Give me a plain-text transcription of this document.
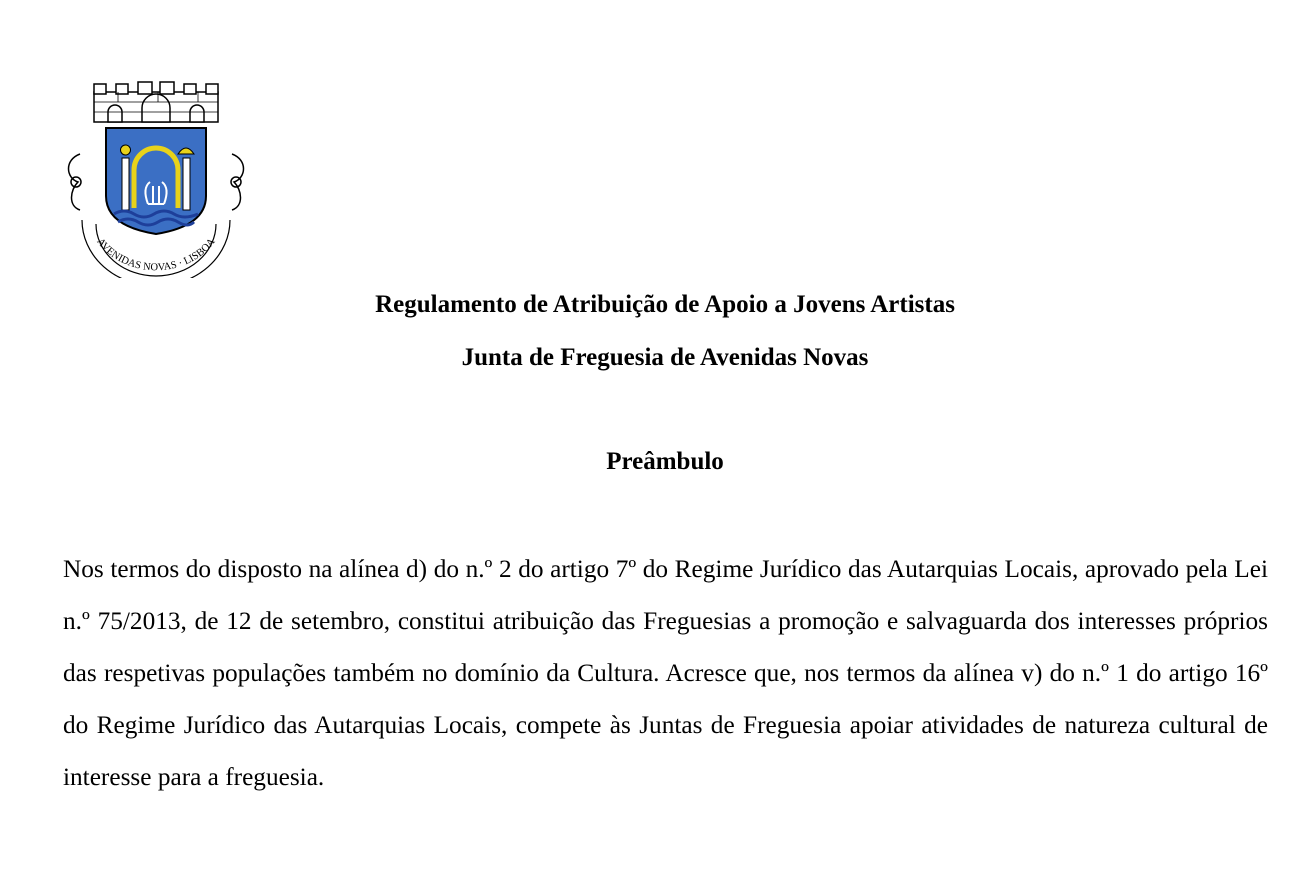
AVENIDAS NOVAS · LISBOA
Regulamento de Atribuição de Apoio a Jovens Artistas
Junta de Freguesia de Avenidas Novas
Preâmbulo

Nos termos do disposto na alínea d) do n.º 2 do artigo 7º do Regime Jurídico das Autarquias Locais, aprovado pela Lei n.º 75/2013, de 12 de setembro, constitui atribuição das Freguesias a promoção e salvaguarda dos interesses próprios das respetivas populações também no domínio da Cultura. Acresce que, nos termos da alínea v) do n.º 1 do artigo 16º do Regime Jurídico das Autarquias Locais, compete às Juntas de Freguesia apoiar atividades de natureza cultural de interesse para a freguesia.
